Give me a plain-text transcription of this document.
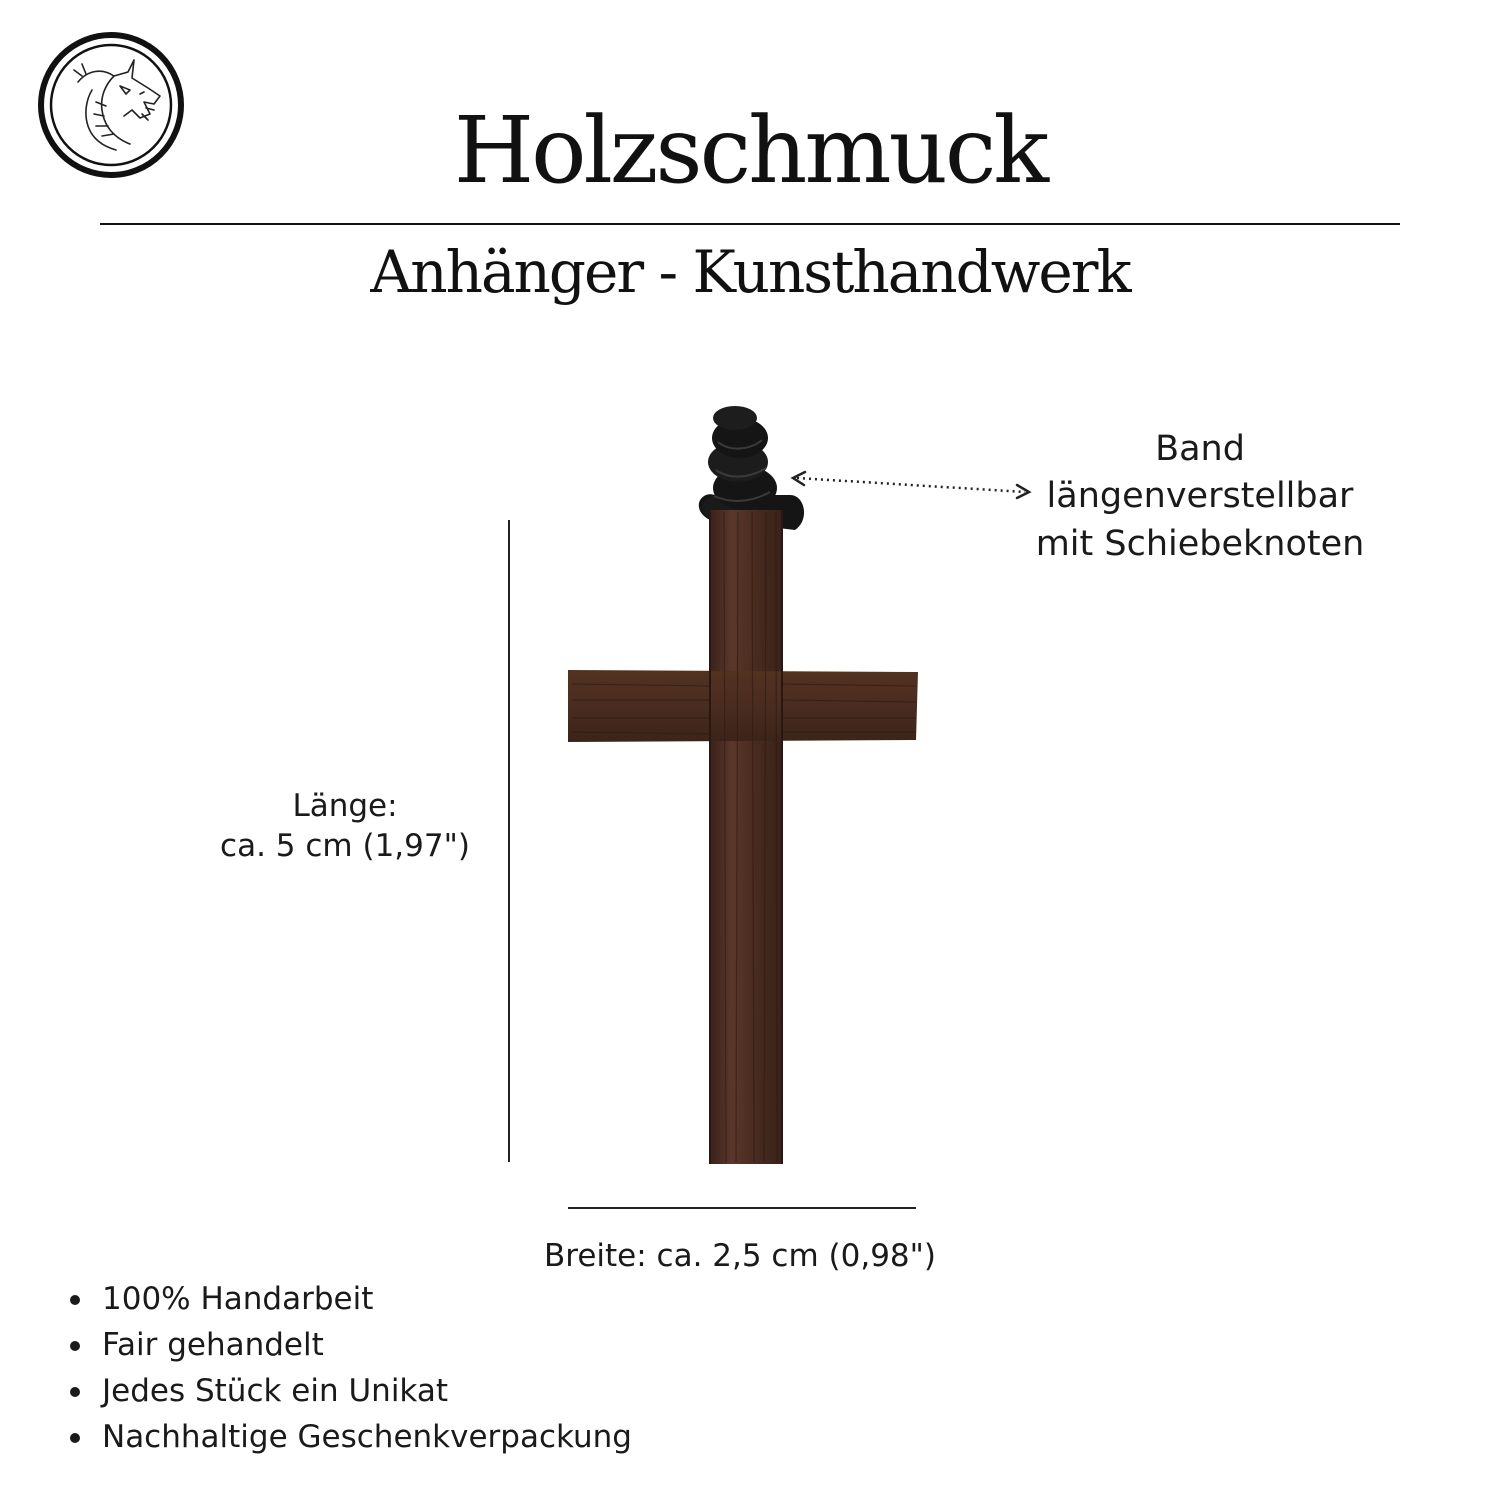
Holzschmuck
Anhänger - Kunsthandwerk
Länge:
ca. 5 cm (1,97")
Breite: ca. 2,5 cm (0,98")
Band
längenverstellbar
mit Schiebeknoten
100% Handarbeit
Fair gehandelt
Jedes Stück ein Unikat
Nachhaltige Geschenkverpackung
